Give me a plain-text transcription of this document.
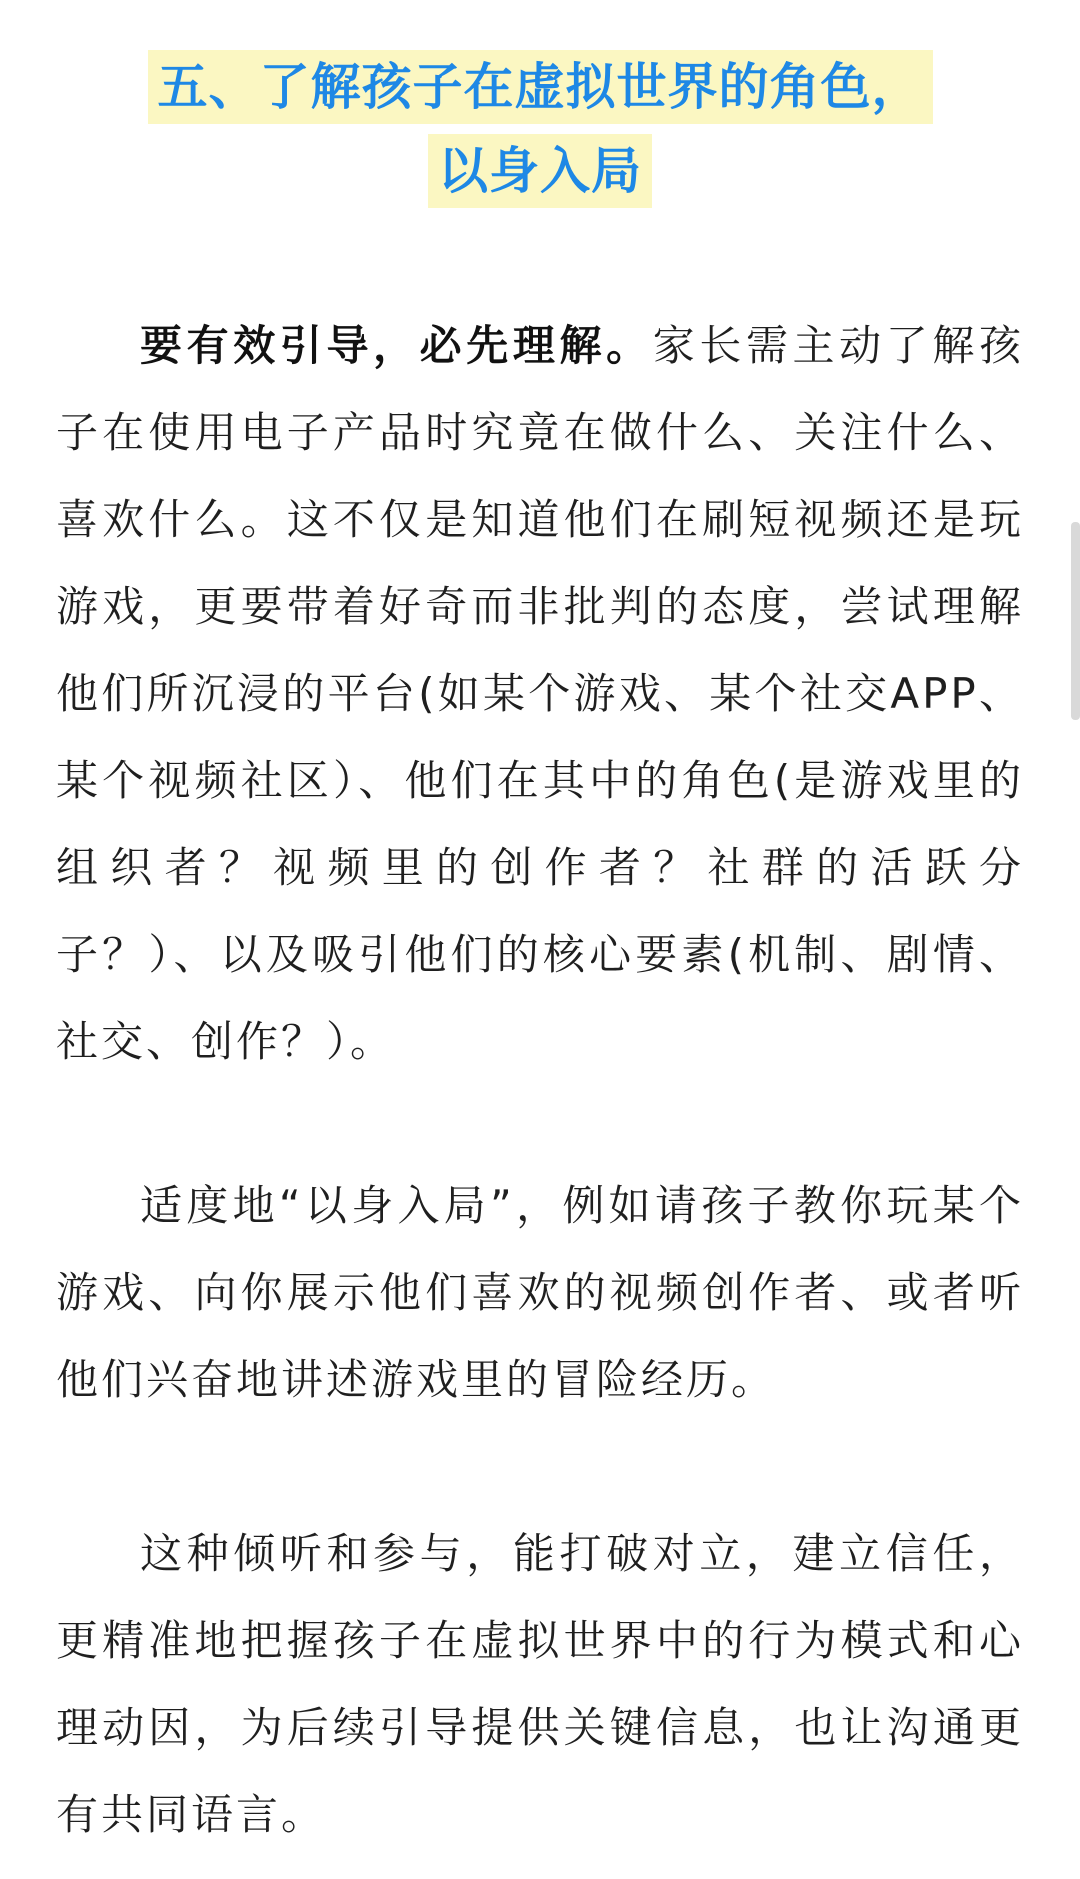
五、了解孩子在虚拟世界的角色，
以身入局

要有效引导，必先理解。家长需主动了解孩子在使用电子产品时究竟在做什么、关注什么、喜欢什么。这不仅是知道他们在刷短视频还是玩游戏，更要带着好奇而非批判的态度，尝试理解他们所沉浸的平台(如某个游戏、某个社交APP、某个视频社区）、他们在其中的角色(是游戏里的组织者？视频里的创作者？社群的活跃分子？）、以及吸引他们的核心要素(机制、剧情、社交、创作？）。

适度地“以身入局”，例如请孩子教你玩某个游戏、向你展示他们喜欢的视频创作者、或者听他们兴奋地讲述游戏里的冒险经历。

这种倾听和参与，能打破对立，建立信任，更精准地把握孩子在虚拟世界中的行为模式和心理动因，为后续引导提供关键信息，也让沟通更有共同语言。
